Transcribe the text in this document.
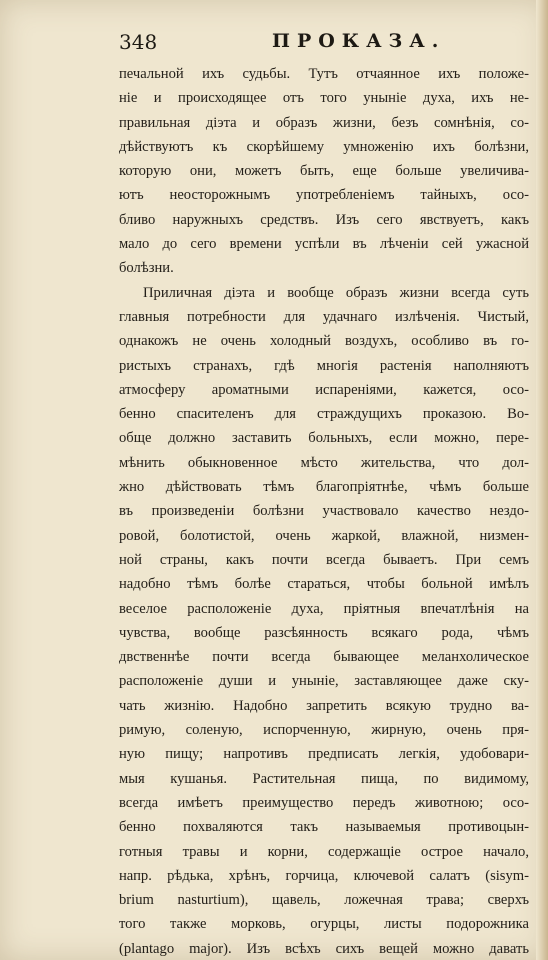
348	ПРОКАЗА.
печальной ихъ судьбы. Тутъ отчаянное ихъ положе-
ніе и происходящее отъ того уныніе духа, ихъ не-
правильная діэта и образъ жизни, безъ сомнѣнія, со-
дѣйствуютъ къ скорѣйшему умноженію ихъ болѣзни,
которую они, можетъ быть, еще больше увеличива-
ютъ неосторожнымъ употребленіемъ тайныхъ, осо-
бливо наружныхъ средствъ. Изъ сего явствуетъ, какъ
мало до сего времени успѣли въ лѣченіи сей ужасной
болѣзни.
Приличная діэта и вообще образъ жизни всегда суть
главныя потребности для удачнаго излѣченія. Чистый,
однакожъ не очень холодный воздухъ, особливо въ го-
ристыхъ странахъ, гдѣ многія растенія наполняютъ
атмосферу ароматными испареніями, кажется, осо-
бенно спасителенъ для страждущихъ проказою. Во-
обще должно заставить больныхъ, если можно, пере-
мѣнить обыкновенное мѣсто жительства, что дол-
жно дѣйствовать тѣмъ благопріятнѣе, чѣмъ больше
въ произведеніи болѣзни участвовало качество нездо-
ровой, болотистой, очень жаркой, влажной, низмен-
ной страны, какъ почти всегда бываетъ. При семъ
надобно тѣмъ болѣе стараться, чтобы больной имѣлъ
веселое расположеніе духа, пріятныя впечатлѣнія на
чувства, вообще разсѣянность всякаго рода, чѣмъ
двственнѣе почти всегда бывающее меланхолическое
расположеніе души и уныніе, заставляющее даже ску-
чать жизнію. Надобно запретить всякую трудно ва-
римую, соленую, испорченную, жирную, очень пря-
ную пищу; напротивъ предписать легкія, удобовари-
мыя кушанья. Растительная пища, по видимому,
всегда имѣетъ преимущество передъ животною; осо-
бенно похваляются такъ называемыя противоцын-
готныя травы и корни, содержащіе острое начало,
напр. рѣдька, хрѣнъ, горчица, ключевой салатъ (sisym-
brium nasturtium), щавель, ложечная трава; сверхъ
того также морковь, огурцы, листы подорожника
(plantago major). Изъ всѣхъ сихъ вещей можно давать
